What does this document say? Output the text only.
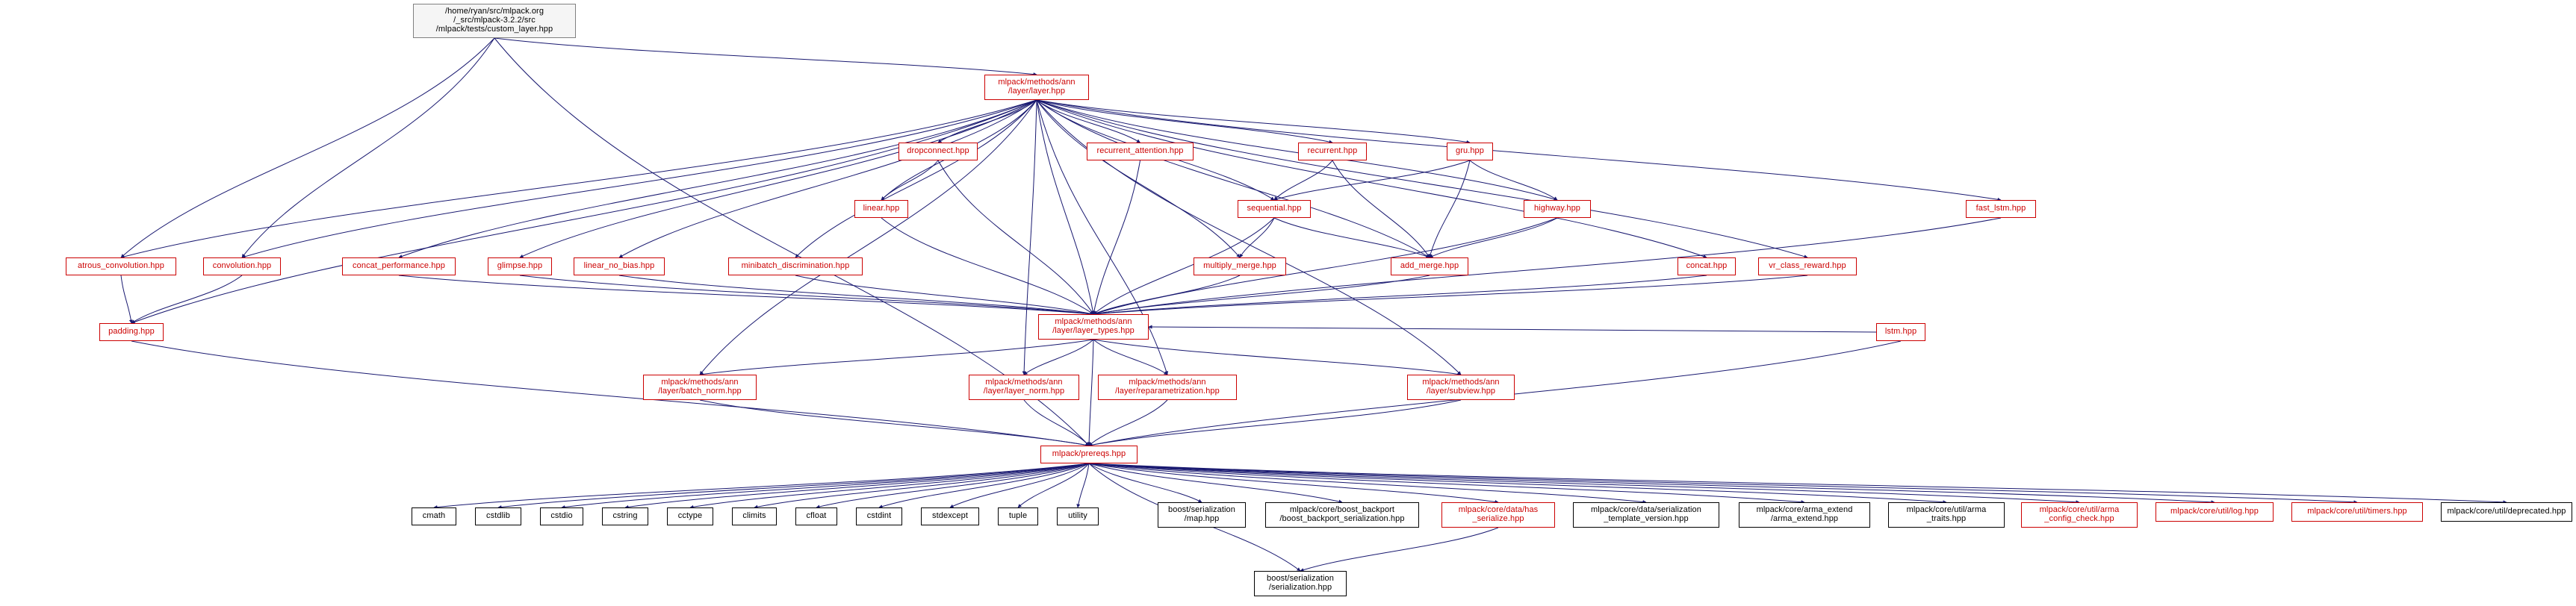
/home/ryan/src/mlpack.org
/_src/mlpack-3.2.2/src
/mlpack/tests/custom_layer.hpp
mlpack/methods/ann
/layer/layer.hpp
dropconnect.hpp	recurrent_attention.hpp	recurrent.hpp	gru.hpp
fast_lstm.hpp
linear.hpp	sequential.hpp	highway.hpp
atrous_convolution.hpp	convolution.hpp	concat_performance.hpp	glimpse.hpp	linear_no_bias.hpp	minibatch_discrimination.hpp	multiply_merge.hpp	add_merge.hpp	concat.hpp	vr_class_reward.hpp
lstm.hpp
padding.hpp
mlpack/methods/ann
/layer/layer_types.hpp
mlpack/methods/ann
/layer/batch_norm.hpp
mlpack/methods/ann
/layer/layer_norm.hpp
mlpack/methods/ann
/layer/reparametrization.hpp
mlpack/methods/ann
/layer/subview.hpp
mlpack/prereqs.hpp
cmath	cstdlib	cstdio	cstring	cctype	climits	cfloat	cstdint	stdexcept	tuple	utility
boost/serialization
/map.hpp
mlpack/core/boost_backport
/boost_backport_serialization.hpp
mlpack/core/data/has
_serialize.hpp
mlpack/core/data/serialization
_template_version.hpp
mlpack/core/arma_extend
/arma_extend.hpp
mlpack/core/util/arma
_traits.hpp
mlpack/core/util/arma
_config_check.hpp
mlpack/core/util/log.hpp	mlpack/core/util/timers.hpp	mlpack/core/util/deprecated.hpp
boost/serialization
/serialization.hpp
